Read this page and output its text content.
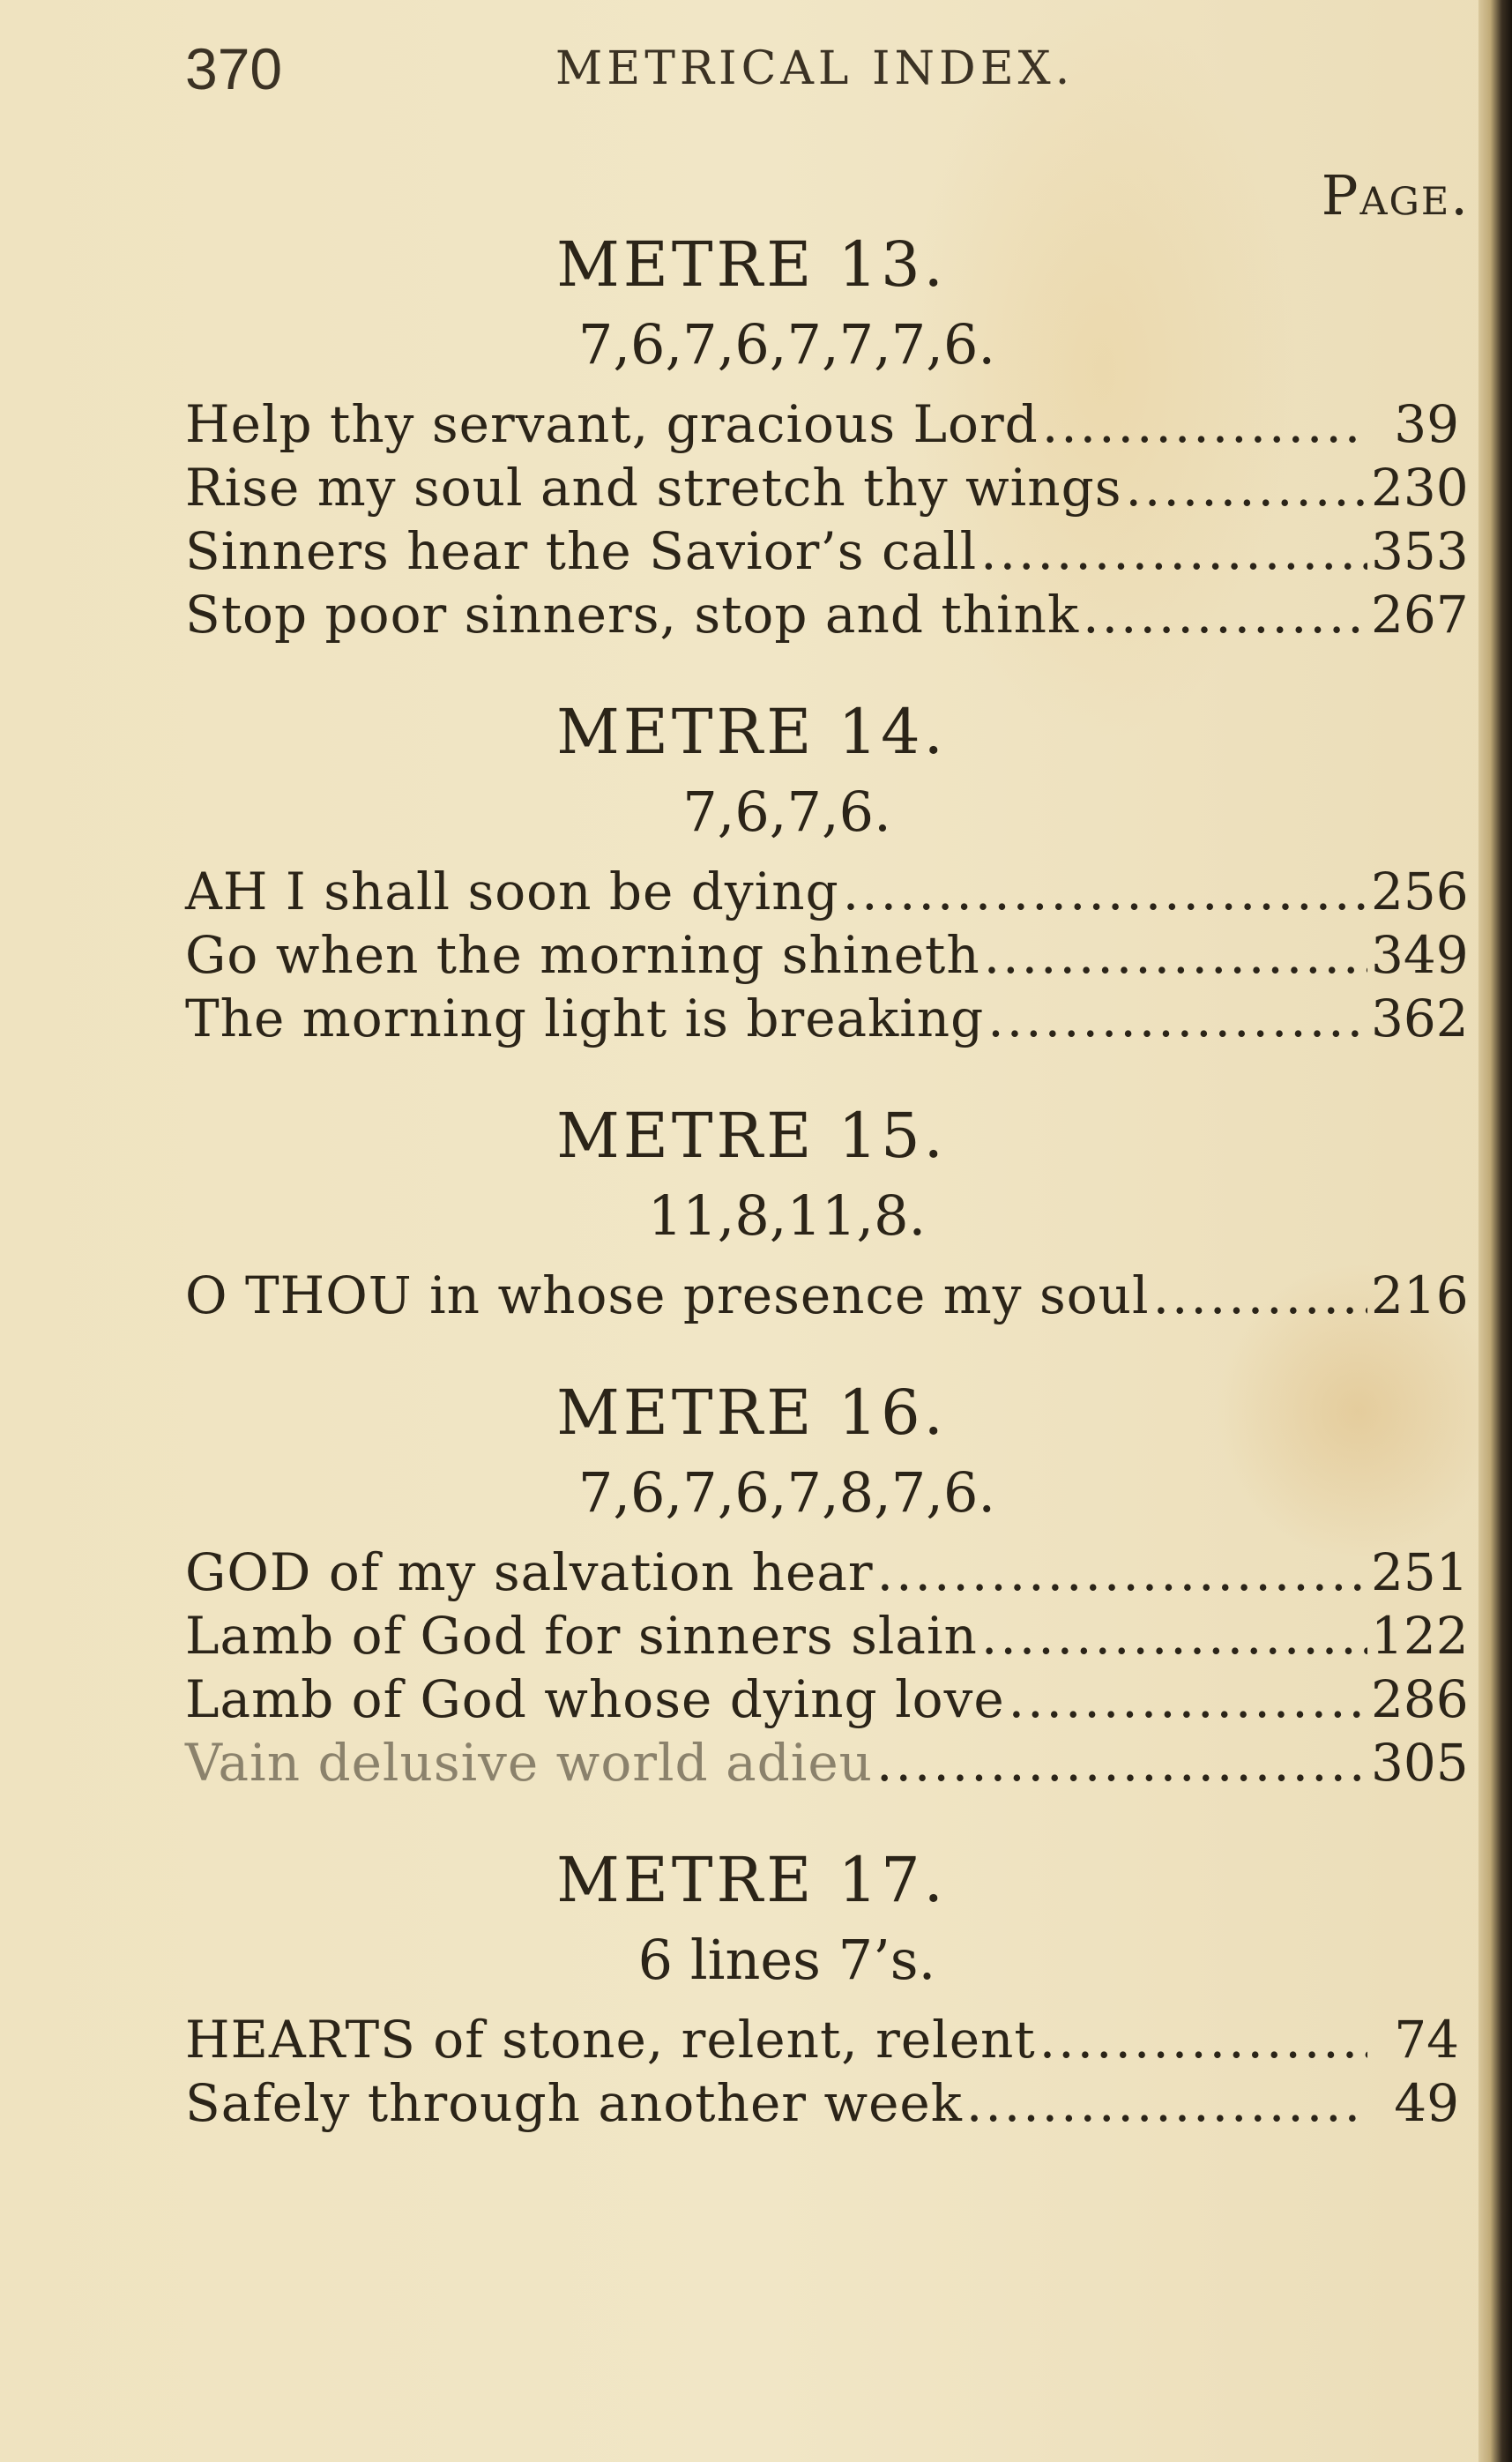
370	METRICAL INDEX.
Page.
METRE 13.
7,6,7,6,7,7,7,6.
Help thy servant, gracious Lord .....	39
Rise my soul and stretch thy wings .....	230
Sinners hear the Savior’s call .....	353
Stop poor sinners, stop and think .....	267
METRE 14.
7,6,7,6.
AH I shall soon be dying .....	256
Go when the morning shineth .....	349
The morning light is breaking .....	362
METRE 15.
11,8,11,8.
O THOU in whose presence my soul .....	216
METRE 16.
7,6,7,6,7,8,7,6.
GOD of my salvation hear .....	251
Lamb of God for sinners slain .....	122
Lamb of God whose dying love .....	286
Vain delusive world adieu .....	305
METRE 17.
6 lines 7’s.
HEARTS of stone, relent, relent .....	74
Safely through another week .....	49
